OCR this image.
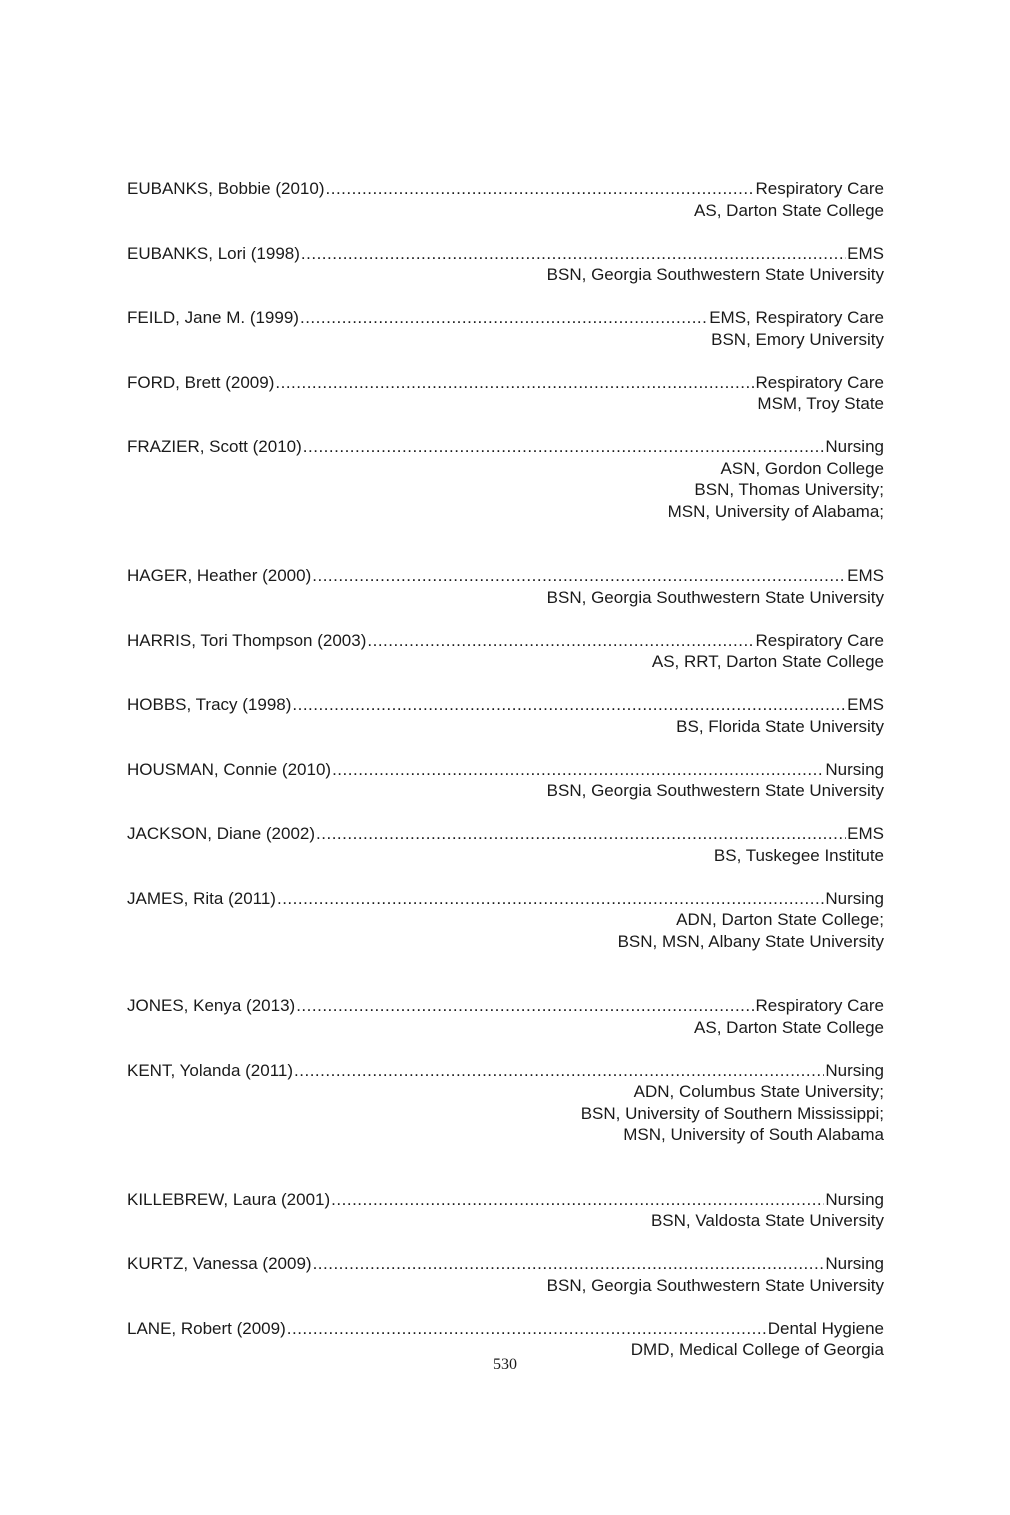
EUBANKS, Bobbie (2010) .....	Respiratory Care
AS, Darton State College
EUBANKS, Lori (1998) .....	EMS
BSN, Georgia Southwestern State University
FEILD, Jane M. (1999) .....	EMS, Respiratory Care
BSN, Emory University
FORD, Brett (2009) .....	Respiratory Care
MSM, Troy State
FRAZIER, Scott (2010) .....	Nursing
ASN, Gordon College
BSN, Thomas University;
MSN, University of Alabama;
HAGER, Heather (2000) .....	EMS
BSN, Georgia Southwestern State University
HARRIS, Tori Thompson (2003) .....	Respiratory Care
AS, RRT, Darton State College
HOBBS, Tracy (1998) .....	EMS
BS, Florida State University
HOUSMAN, Connie (2010) .....	Nursing
BSN, Georgia Southwestern State University
JACKSON, Diane (2002) .....	EMS
BS, Tuskegee Institute
JAMES, Rita (2011) .....	Nursing
ADN, Darton State College;
BSN, MSN, Albany State University
JONES, Kenya (2013) .....	Respiratory Care
AS, Darton State College
KENT, Yolanda (2011) .....	Nursing
ADN, Columbus State University;
BSN, University of Southern Mississippi;
MSN, University of South Alabama
KILLEBREW, Laura (2001) .....	Nursing
BSN, Valdosta State University
KURTZ, Vanessa (2009) .....	Nursing
BSN, Georgia Southwestern State University
LANE, Robert (2009) .....	Dental Hygiene
DMD, Medical College of Georgia
530
